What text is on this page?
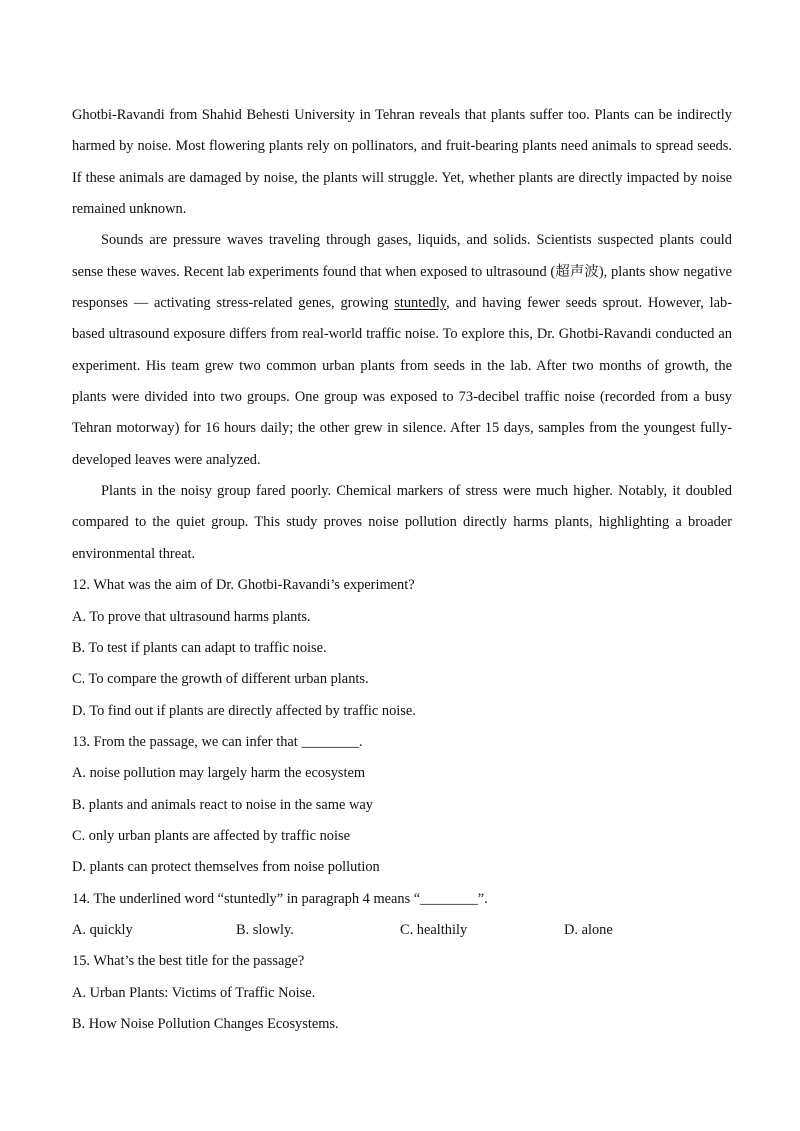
Ghotbi-Ravandi from Shahid Behesti University in Tehran reveals that plants suffer too. Plants can be indirectly harmed by noise. Most flowering plants rely on pollinators, and fruit-bearing plants need animals to spread seeds. If these animals are damaged by noise, the plants will struggle. Yet, whether plants are directly impacted by noise remained unknown.

Sounds are pressure waves traveling through gases, liquids, and solids. Scientists suspected plants could sense these waves. Recent lab experiments found that when exposed to ultrasound (超声波), plants show negative responses — activating stress-related genes, growing stuntedly, and having fewer seeds sprout. However, lab-based ultrasound exposure differs from real-world traffic noise. To explore this, Dr. Ghotbi-Ravandi conducted an experiment. His team grew two common urban plants from seeds in the lab. After two months of growth, the plants were divided into two groups. One group was exposed to 73-decibel traffic noise (recorded from a busy Tehran motorway) for 16 hours daily; the other grew in silence. After 15 days, samples from the youngest fully-developed leaves were analyzed.

Plants in the noisy group fared poorly. Chemical markers of stress were much higher. Notably, it doubled compared to the quiet group. This study proves noise pollution directly harms plants, highlighting a broader environmental threat.

12. What was the aim of Dr. Ghotbi-Ravandi’s experiment?

A. To prove that ultrasound harms plants.

B. To test if plants can adapt to traffic noise.

C. To compare the growth of different urban plants.

D. To find out if plants are directly affected by traffic noise.

13. From the passage, we can infer that ________.

A. noise pollution may largely harm the ecosystem

B. plants and animals react to noise in the same way

C. only urban plants are affected by traffic noise

D. plants can protect themselves from noise pollution

14. The underlined word “stuntedly” in paragraph 4 means “________”.

A. quickly	B. slowly.	C. healthily	D. alone

15. What’s the best title for the passage?

A. Urban Plants: Victims of Traffic Noise.

B. How Noise Pollution Changes Ecosystems.
